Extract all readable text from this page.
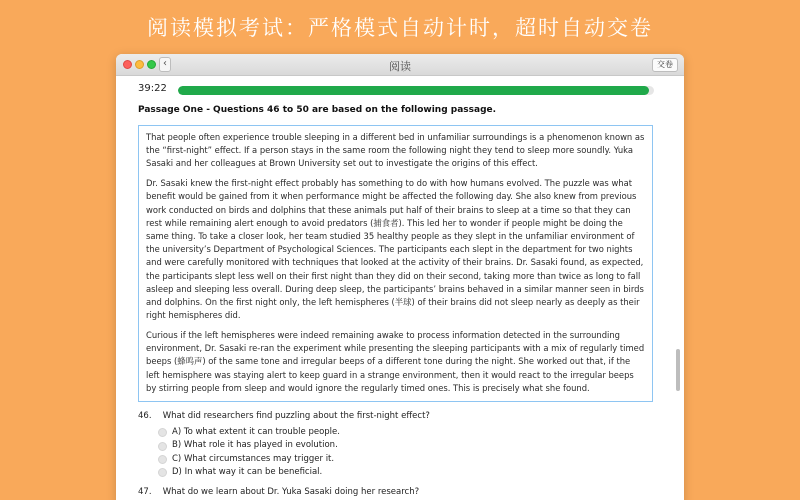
阅读模拟考试：严格模式自动计时，超时自动交卷
‹	阅读	交卷
39:22
Passage One - Questions 46 to 50 are based on the following passage.

That people often experience trouble sleeping in a different bed in unfamiliar surroundings is a phenomenon known as the “first-night” effect. If a person stays in the same room the following night they tend to sleep more soundly. Yuka Sasaki and her colleagues at Brown University set out to investigate the origins of this effect.

Dr. Sasaki knew the first-night effect probably has something to do with how humans evolved. The puzzle was what benefit would be gained from it when performance might be affected the following day. She also knew from previous work conducted on birds and dolphins that these animals put half of their brains to sleep at a time so that they can rest while remaining alert enough to avoid predators (捕食者). This led her to wonder if people might be doing the same thing. To take a closer look, her team studied 35 healthy people as they slept in the unfamiliar environment of the university’s Department of Psychological Sciences. The participants each slept in the department for two nights and were carefully monitored with techniques that looked at the activity of their brains. Dr. Sasaki found, as expected, the participants slept less well on their first night than they did on their second, taking more than twice as long to fall asleep and sleeping less overall. During deep sleep, the participants’ brains behaved in a similar manner seen in birds and dolphins. On the first night only, the left hemispheres (半球) of their brains did not sleep nearly as deeply as their right hemispheres did.

Curious if the left hemispheres were indeed remaining awake to process information detected in the surrounding environment, Dr. Sasaki re-ran the experiment while presenting the sleeping participants with a mix of regularly timed beeps (蜂鸣声) of the same tone and irregular beeps of a different tone during the night. She worked out that, if the left hemisphere was staying alert to keep guard in a strange environment, then it would react to the irregular beeps by stirring people from sleep and would ignore the regularly timed ones. This is precisely what she found.

46. What did researchers find puzzling about the first-night effect?
A) To what extent it can trouble people.
B) What role it has played in evolution.
C) What circumstances may trigger it.
D) In what way it can be beneficial.
47. What do we learn about Dr. Yuka Sasaki doing her research?
